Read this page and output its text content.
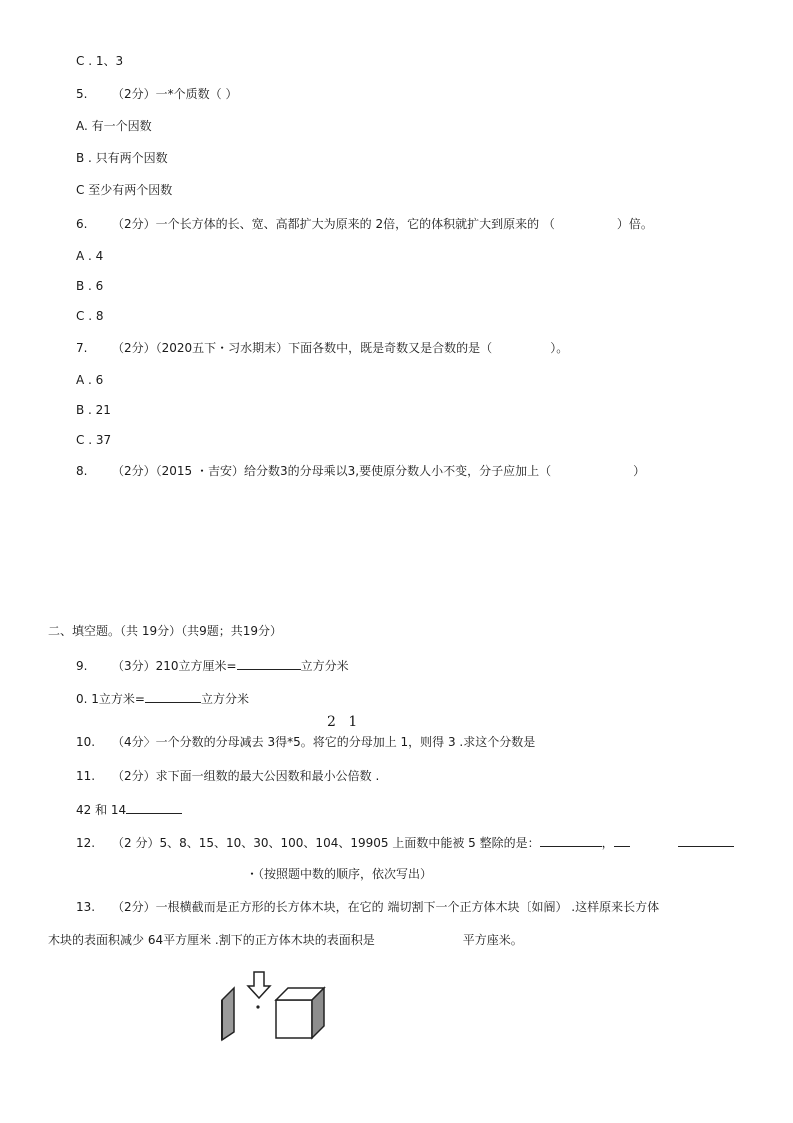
C . 1、3
5. （2分）一*个质数（ ）
A. 有一个因数
B . 只有两个因数
C 至少有两个因数
6. （2分）一个长方体的长、宽、高都扩大为原来的 2倍，它的体积就扩大到原来的 （	）倍。
A . 4
B . 6
C . 8
7. （2分）（2020五下・习水期末）下面各数中，既是奇数又是合数的是（	）。
A . 6
B . 21
C . 37
8. （2分）（2015 ・吉安）给分数3的分母乘以3,要使原分数人小不变，分子应加上（	）
二、填空题。（共 19分）（共9题；共19分）
9. （3分）210立方厘米=	立方分米
0. 1立方米=	立方分米
2 1
10. （4分〉一个分数的分母减去 3得*5。将它的分母加上 1，则得 3 .求这个分数是
11. （2分）求下面一组数的最大公因数和最小公倍数 .
42 和 14
12. （2 分）5、8、15、10、30、100、104、19905 上面数中能被 5 整除的是：	，
・（按照题中数的顺序，依次写出）
13. （2分）一根横截而是正方形的长方体木块，在它的 端切割下一个正方体木块〔如阍） .这样原来长方体
木块的表面积减少 64平方厘米 .割下的正方体木块的表面积是	平方座米。
